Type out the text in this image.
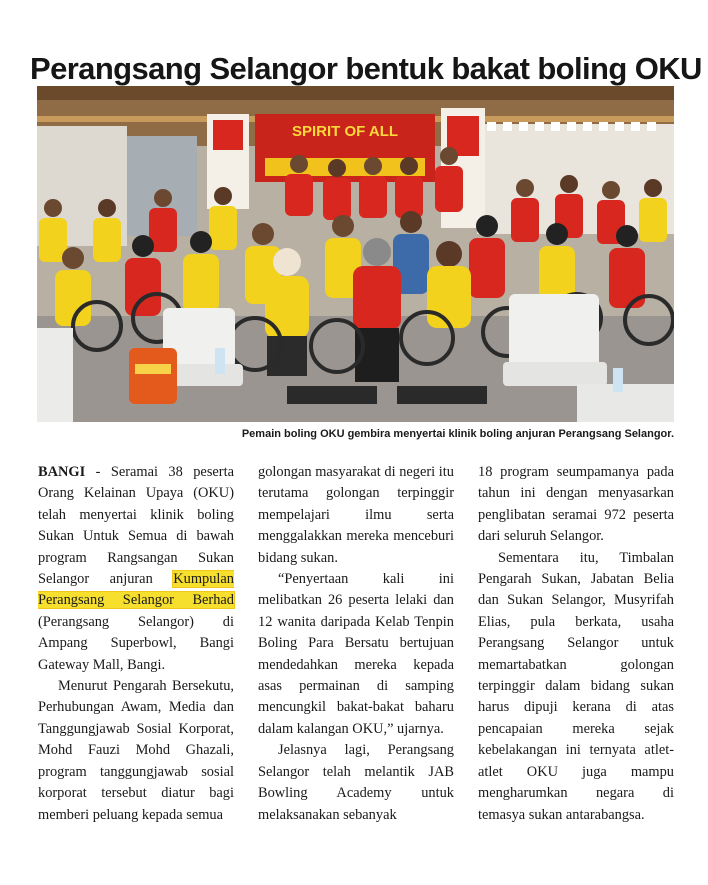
Perangsang Selangor bentuk bakat boling OKU
SPIRIT OF ALL
Pemain boling OKU gembira menyertai klinik boling anjuran Perangsang Selangor.

BANGI - Seramai 38 peserta Orang Kelainan Upaya (OKU) telah menyertai klinik boling Sukan Untuk Semua di bawah program Rangsangan Sukan Selangor anjuran Kumpulan Perangsang Selangor Berhad (Perangsang Selangor) di Ampang Superbowl, Bangi Gateway Mall, Bangi.

Menurut Pengarah Bersekutu, Perhubungan Awam, Media dan Tanggungjawab Sosial Korporat, Mohd Fauzi Mohd Ghazali, program tanggungjawab sosial korporat tersebut diatur bagi memberi peluang kepada semua

golongan masyarakat di negeri itu terutama golongan terpinggir mempelajari ilmu serta menggalakkan mereka menceburi bidang sukan.

“Penyertaan kali ini melibatkan 26 peserta lelaki dan 12 wanita daripada Kelab Tenpin Boling Para Bersatu bertujuan mendedahkan mereka kepada asas permainan di samping mencungkil bakat-bakat baharu dalam kalangan OKU,” ujarnya.

Jelasnya lagi, Perangsang Selangor telah melantik JAB Bowling Academy untuk melaksanakan sebanyak

18 program seumpamanya pada tahun ini dengan menyasarkan penglibatan seramai 972 peserta dari seluruh Selangor.

Sementara itu, Timbalan Pengarah Sukan, Jabatan Belia dan Sukan Selangor, Musyrifah Elias, pula berkata, usaha Perangsang Selangor untuk memartabatkan golongan terpinggir dalam bidang sukan harus dipuji kerana di atas pencapaian mereka sejak kebelakangan ini ternyata atlet-atlet OKU juga mampu mengharumkan negara di temasya sukan antarabangsa.
